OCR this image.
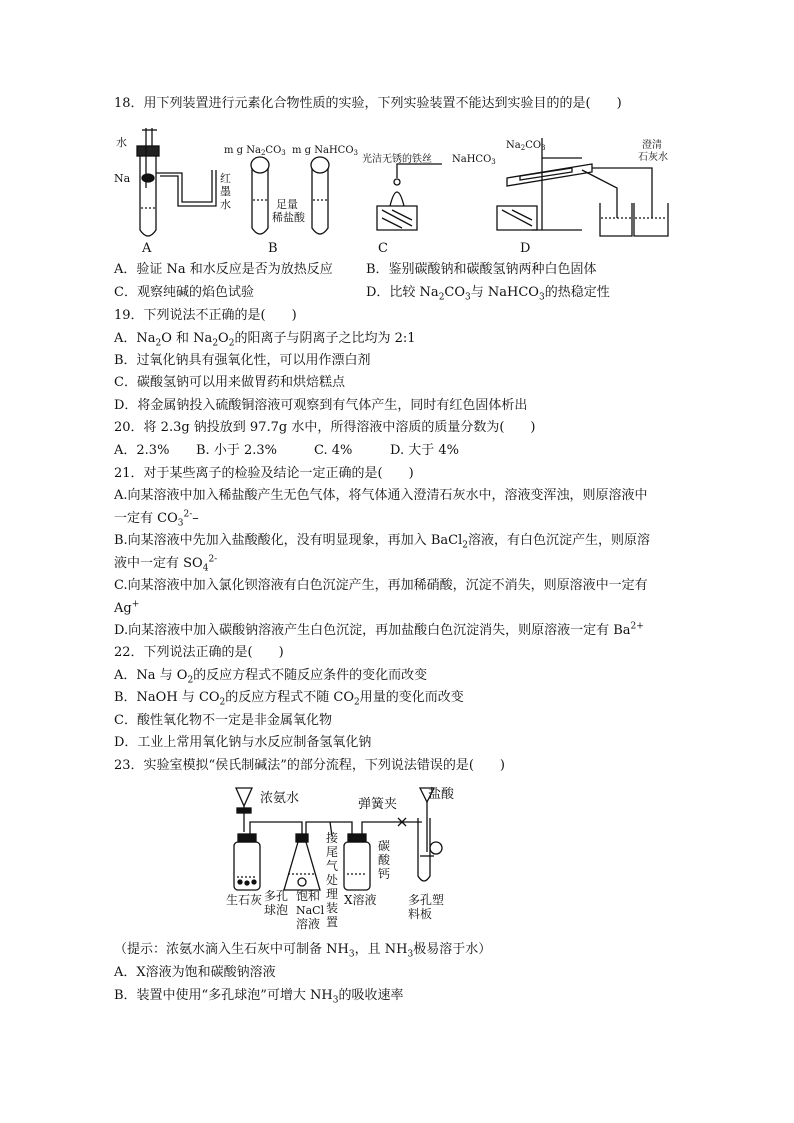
18．用下列装置进行元素化合物性质的实验，下列实验装置不能达到实验目的的是(　　)
水
Na	红
墨
水
A
m g $Na_2CO_3$ m g NaHCO$_3$
足量
稀盐酸
B
光洁无锈的铁丝
C
$Na_2CO_3$
NaHCO$_3$
澄清
石灰水
D
A．验证 Na 和水反应是否为放热反应	B．鉴别碳酸钠和碳酸氢钠两种白色固体
C．观察纯碱的焰色试验	D．比较 $Na_2CO_3$与 NaHCO$_3$的热稳定性
19．下列说法不正确的是(　　)
A．$Na_2O$ 和 $Na_2O_2$的阳离子与阴离子之比均为 2:1
B．过氧化钠具有强氧化性，可以用作漂白剂
C．碳酸氢钠可以用来做胃药和烘焙糕点
D．将金属钠投入硫酸铜溶液可观察到有气体产生，同时有红色固体析出
20．将 2.3g 钠投放到 97.7g 水中，所得溶液中溶质的质量分数为(　　)
A．2.3% B. 小于 2.3%	C. 4%	D. 大于 4%
21．对于某些离子的检验及结论一定正确的是(　　)
A.向某溶液中加入稀盐酸产生无色气体，将气体通入澄清石灰水中，溶液变浑浊，则原溶液中
一定有 $CO_3^{2-}-$
B.向某溶液中先加入盐酸酸化，没有明显现象，再加入 BaCl$_2$溶液，有白色沉淀产生，则原溶
液中一定有 $SO_4^{2-}$
C.向某溶液中加入氯化钡溶液有白色沉淀产生，再加稀硝酸，沉淀不消失，则原溶液中一定有
Ag+
D.向某溶液中加入碳酸钠溶液产生白色沉淀，再加盐酸白色沉淀消失，则原溶液一定有 $Ba^{2+}$
22．下列说法正确的是(　　)
A．Na 与 $O_2$的反应方程式不随反应条件的变化而改变
B．NaOH 与 $CO_2$的反应方程式不随 $CO_2$用量的变化而改变
C．酸性氧化物不一定是非金属氧化物
D．工业上常用氧化钠与水反应制备氢氧化钠
23．实验室模拟“侯氏制碱法”的部分流程，下列说法错误的是(　　)
浓氨水	弹簧夹
盐酸
接
尾
气
处
理
装
置
碳
酸
钙
生石灰 多孔
球泡
饱和
NaCl
溶液
X溶液	多孔塑
料板
（提示：浓氨水滴入生石灰中可制备 $NH_3$，且 $NH_3$极易溶于水）
A．X溶液为饱和碳酸钠溶液
B．装置中使用“多孔球泡”可增大 $NH_3$的吸收速率
